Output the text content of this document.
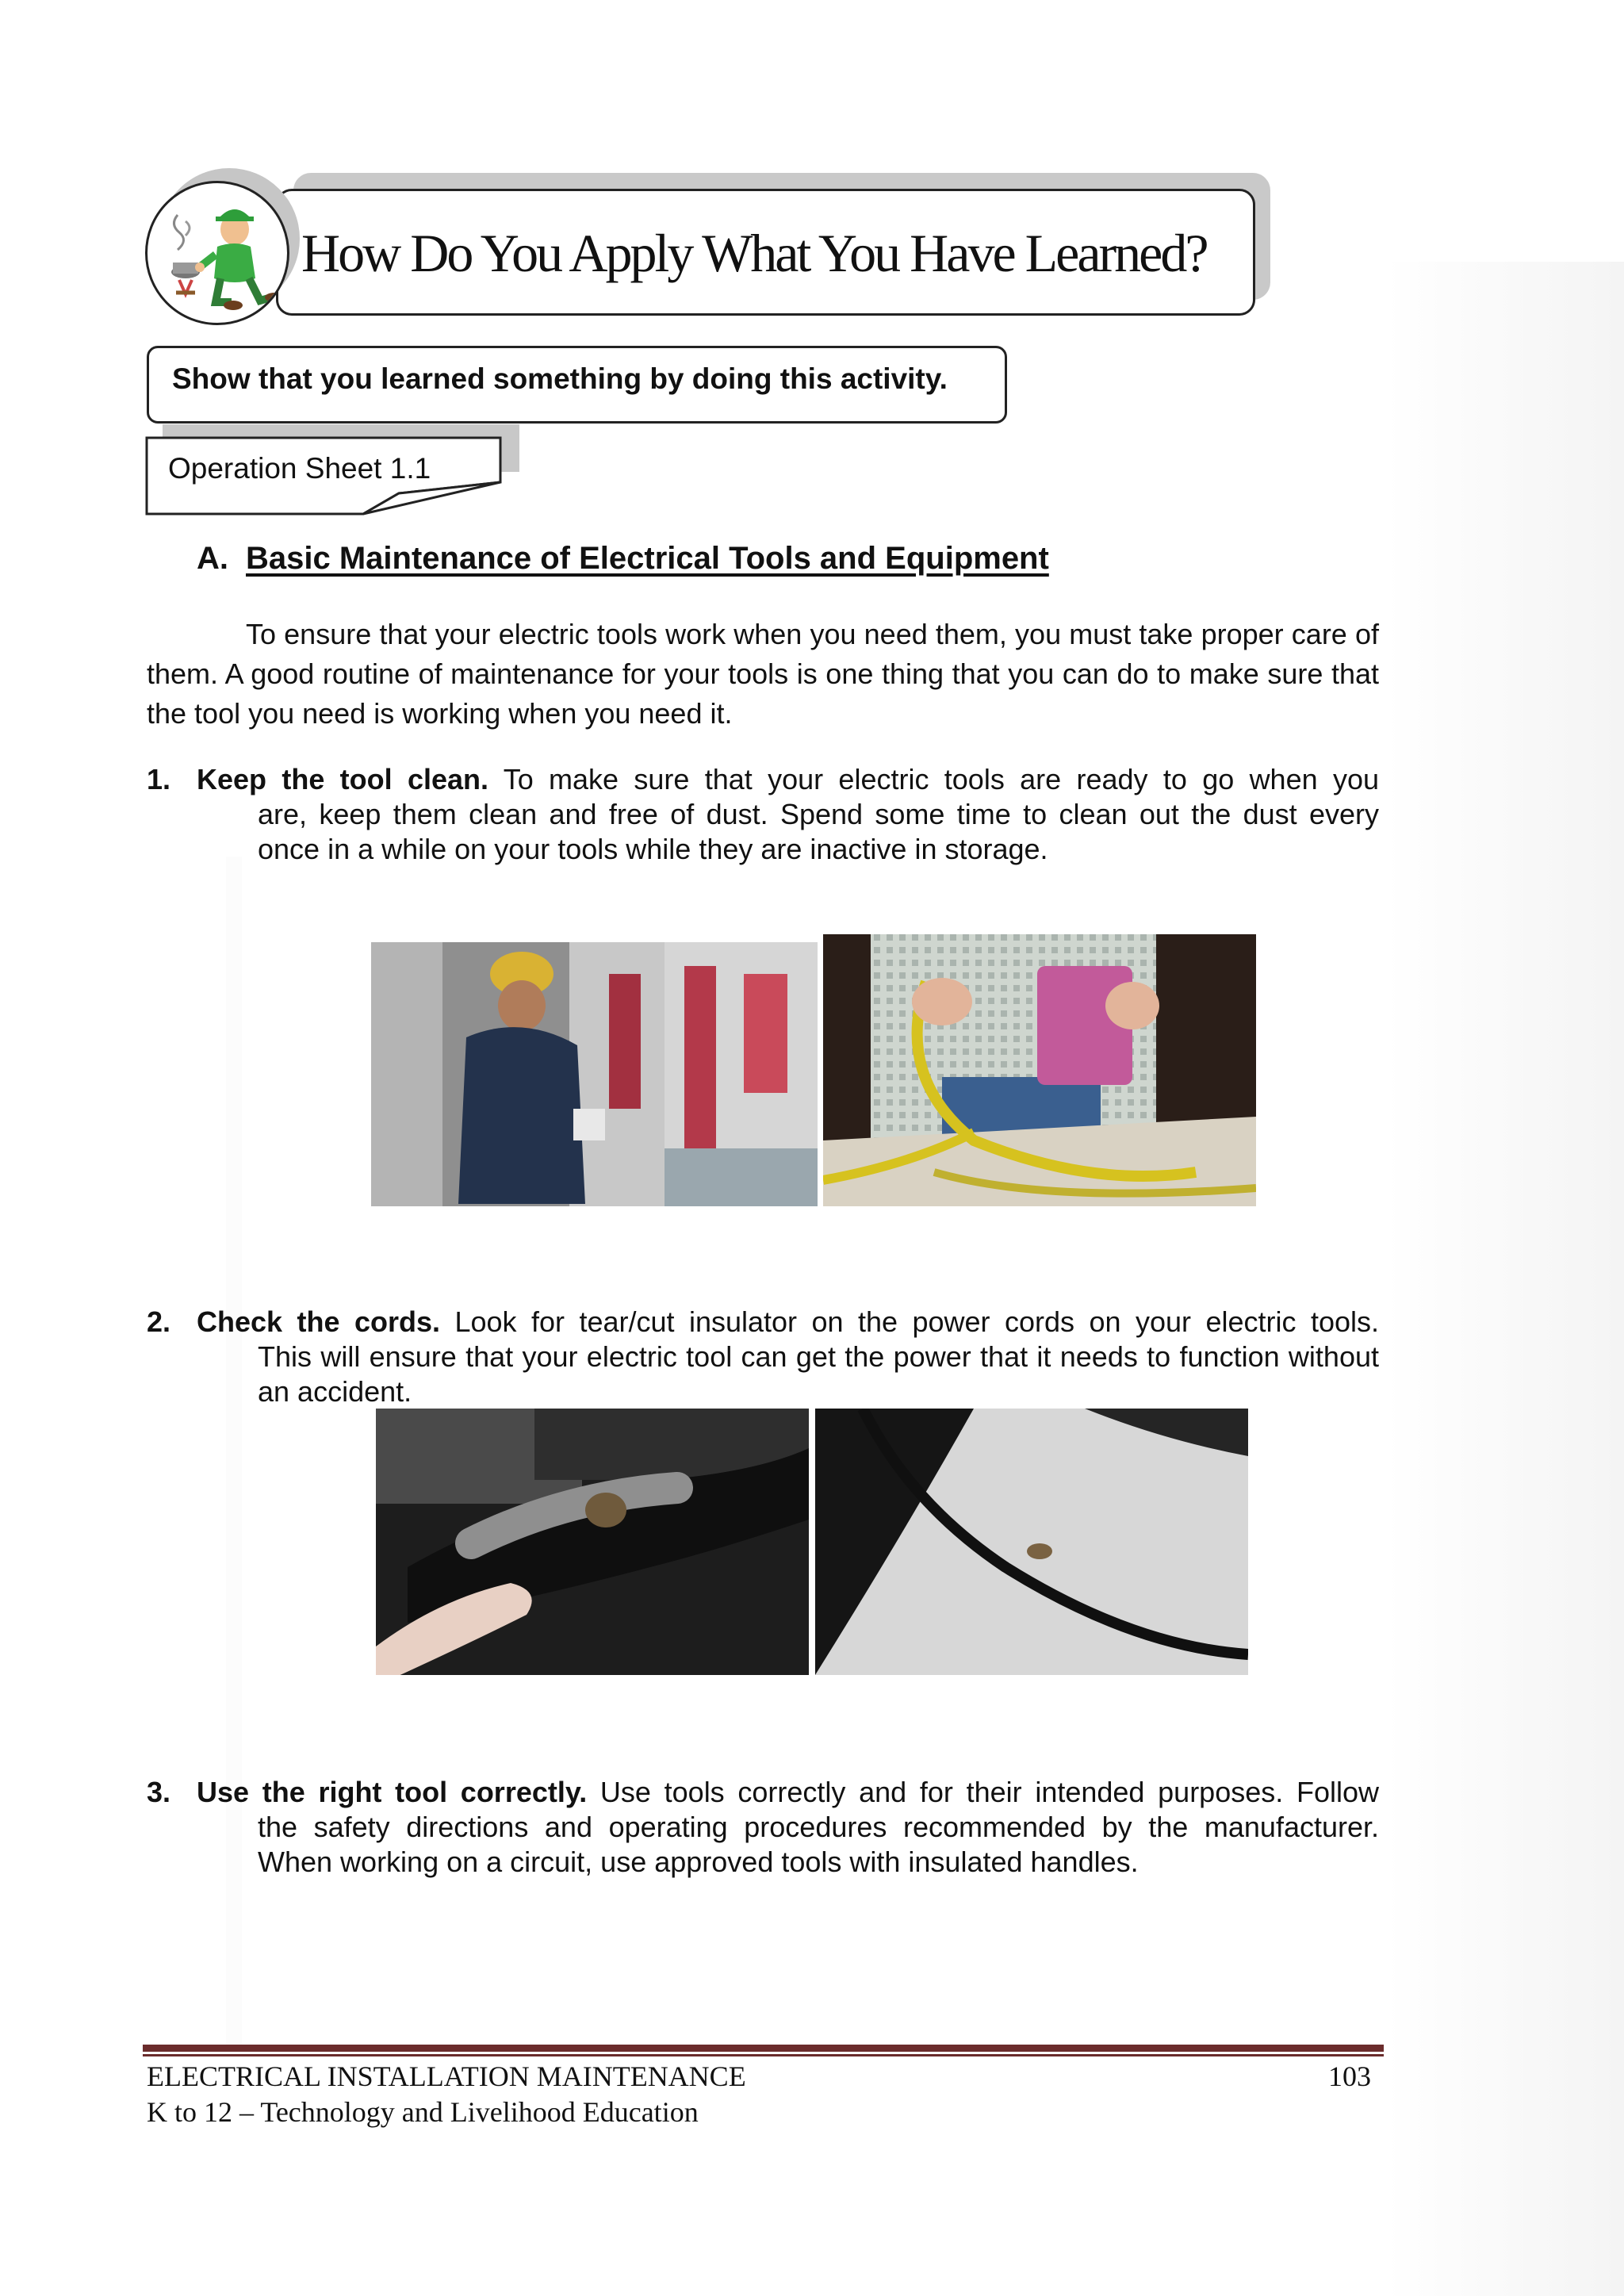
How Do You Apply What You Have Learned?
Show that you learned something by doing this activity.
Operation Sheet 1.1
A. Basic Maintenance of Electrical Tools and Equipment
To ensure that your electric tools work when you need them, you must take proper care of them. A good routine of maintenance for your tools is one thing that you can do to make sure that the tool you need is working when you need it.
1. Keep the tool clean. To make sure that your electric tools are ready to go when you
are, keep them clean and free of dust. Spend some time to clean out the dust every once in a while on your tools while they are inactive in storage.
2. Check the cords. Look for tear/cut insulator on the power cords on your electric tools.
This will ensure that your electric tool can get the power that it needs to function without an accident.
3. Use the right tool correctly. Use tools correctly and for their intended purposes. Follow
the safety directions and operating procedures recommended by the manufacturer. When working on a circuit, use approved tools with insulated handles.
ELECTRICAL INSTALLATION MAINTENANCE	103
K to 12 – Technology and Livelihood Education
